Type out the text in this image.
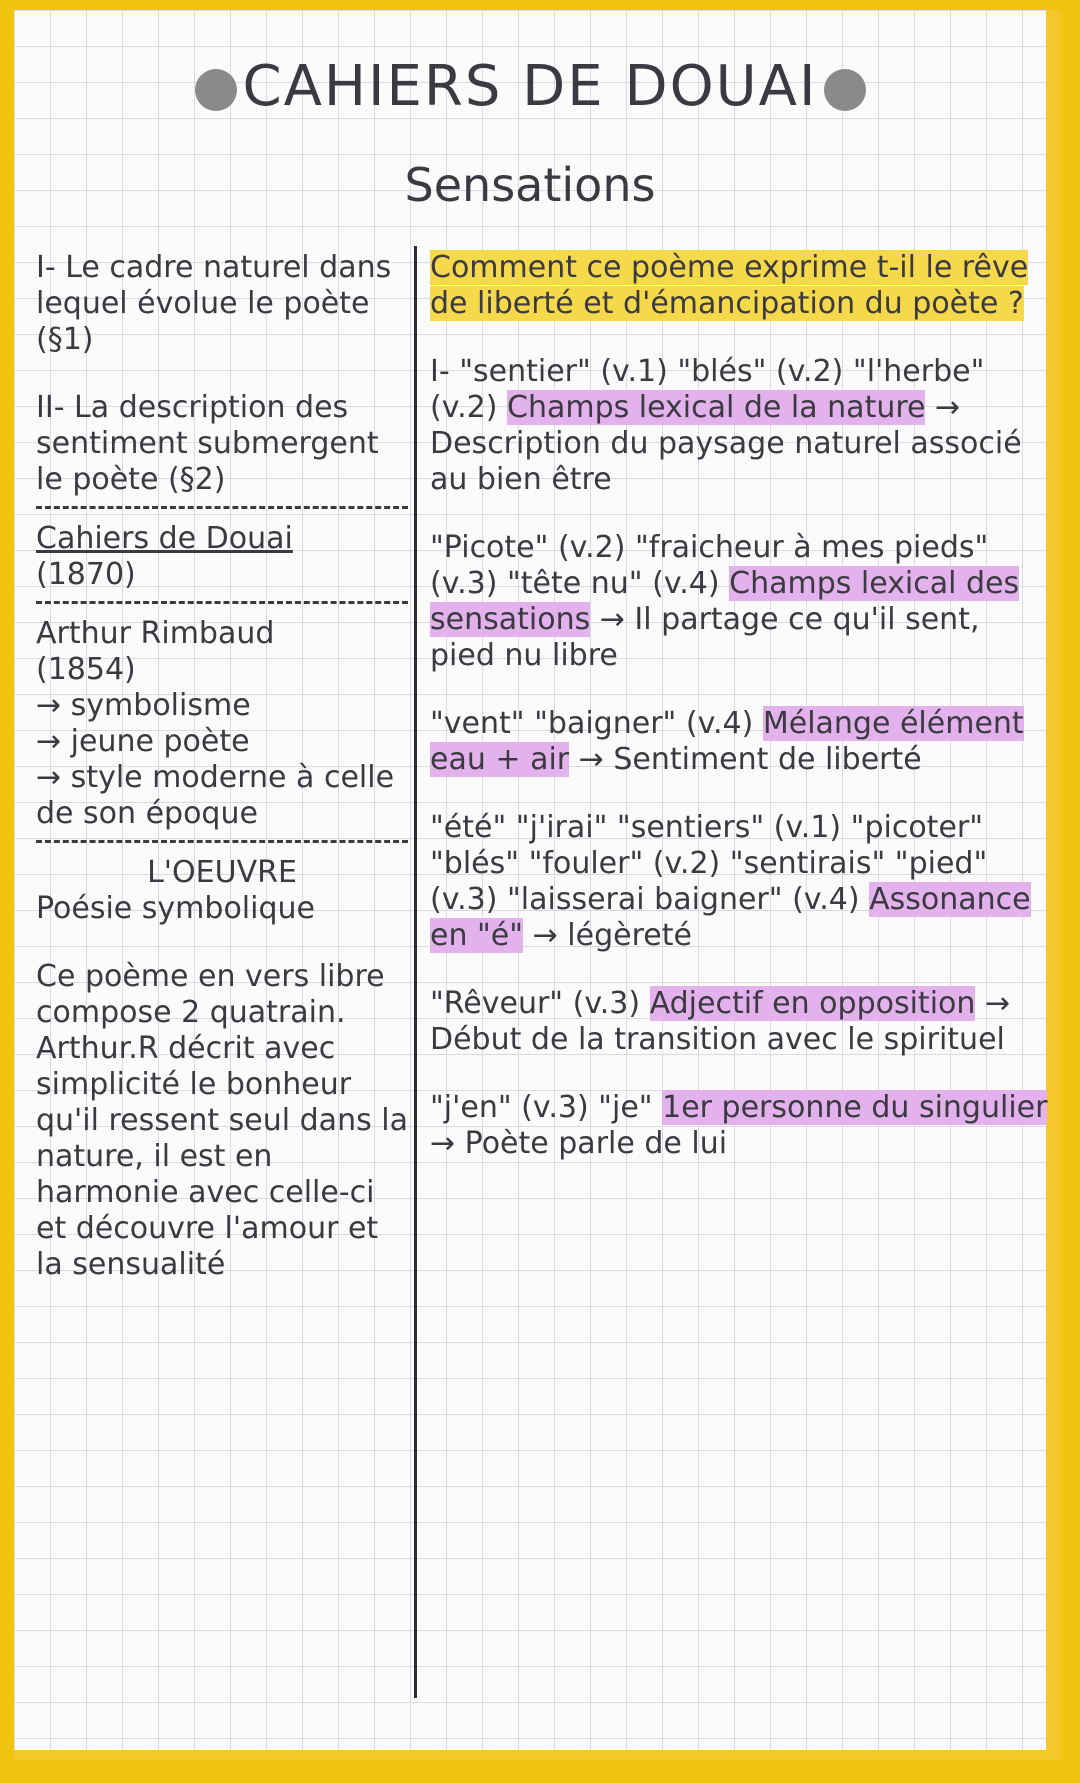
CAHIERS DE DOUAI
Sensations

I- Le cadre naturel dans lequel évolue le poète (§1)

II- La description des sentiment submergent le poète (§2)

Cahiers de Douai

(1870)

Arthur Rimbaud

(1854)

→ symbolisme
→ jeune poète
→ style moderne à celle de son époque

L'OEUVRE

Poésie symbolique

Ce poème en vers libre compose 2 quatrain. Arthur.R décrit avec simplicité le bonheur qu'il ressent seul dans la nature, il est en harmonie avec celle-ci et découvre l'amour et la sensualité

Comment ce poème exprime t-il le rêve de liberté et d'émancipation du poète ?

I- "sentier" (v.1) "blés" (v.2) "l'herbe" (v.2) Champs lexical de la nature → Description du paysage naturel associé au bien être

"Picote" (v.2) "fraicheur à mes pieds" (v.3) "tête nu" (v.4) Champs lexical des sensations → Il partage ce qu'il sent, pied nu libre

"vent" "baigner" (v.4) Mélange élément eau + air → Sentiment de liberté

"été" "j'irai" "sentiers" (v.1) "picoter" "blés" "fouler" (v.2) "sentirais" "pied" (v.3) "laisserai baigner" (v.4) Assonance en "é" → légèreté

"Rêveur" (v.3) Adjectif en opposition → Début de la transition avec le spirituel

"j'en" (v.3) "je" 1er personne du singulier → Poète parle de lui
